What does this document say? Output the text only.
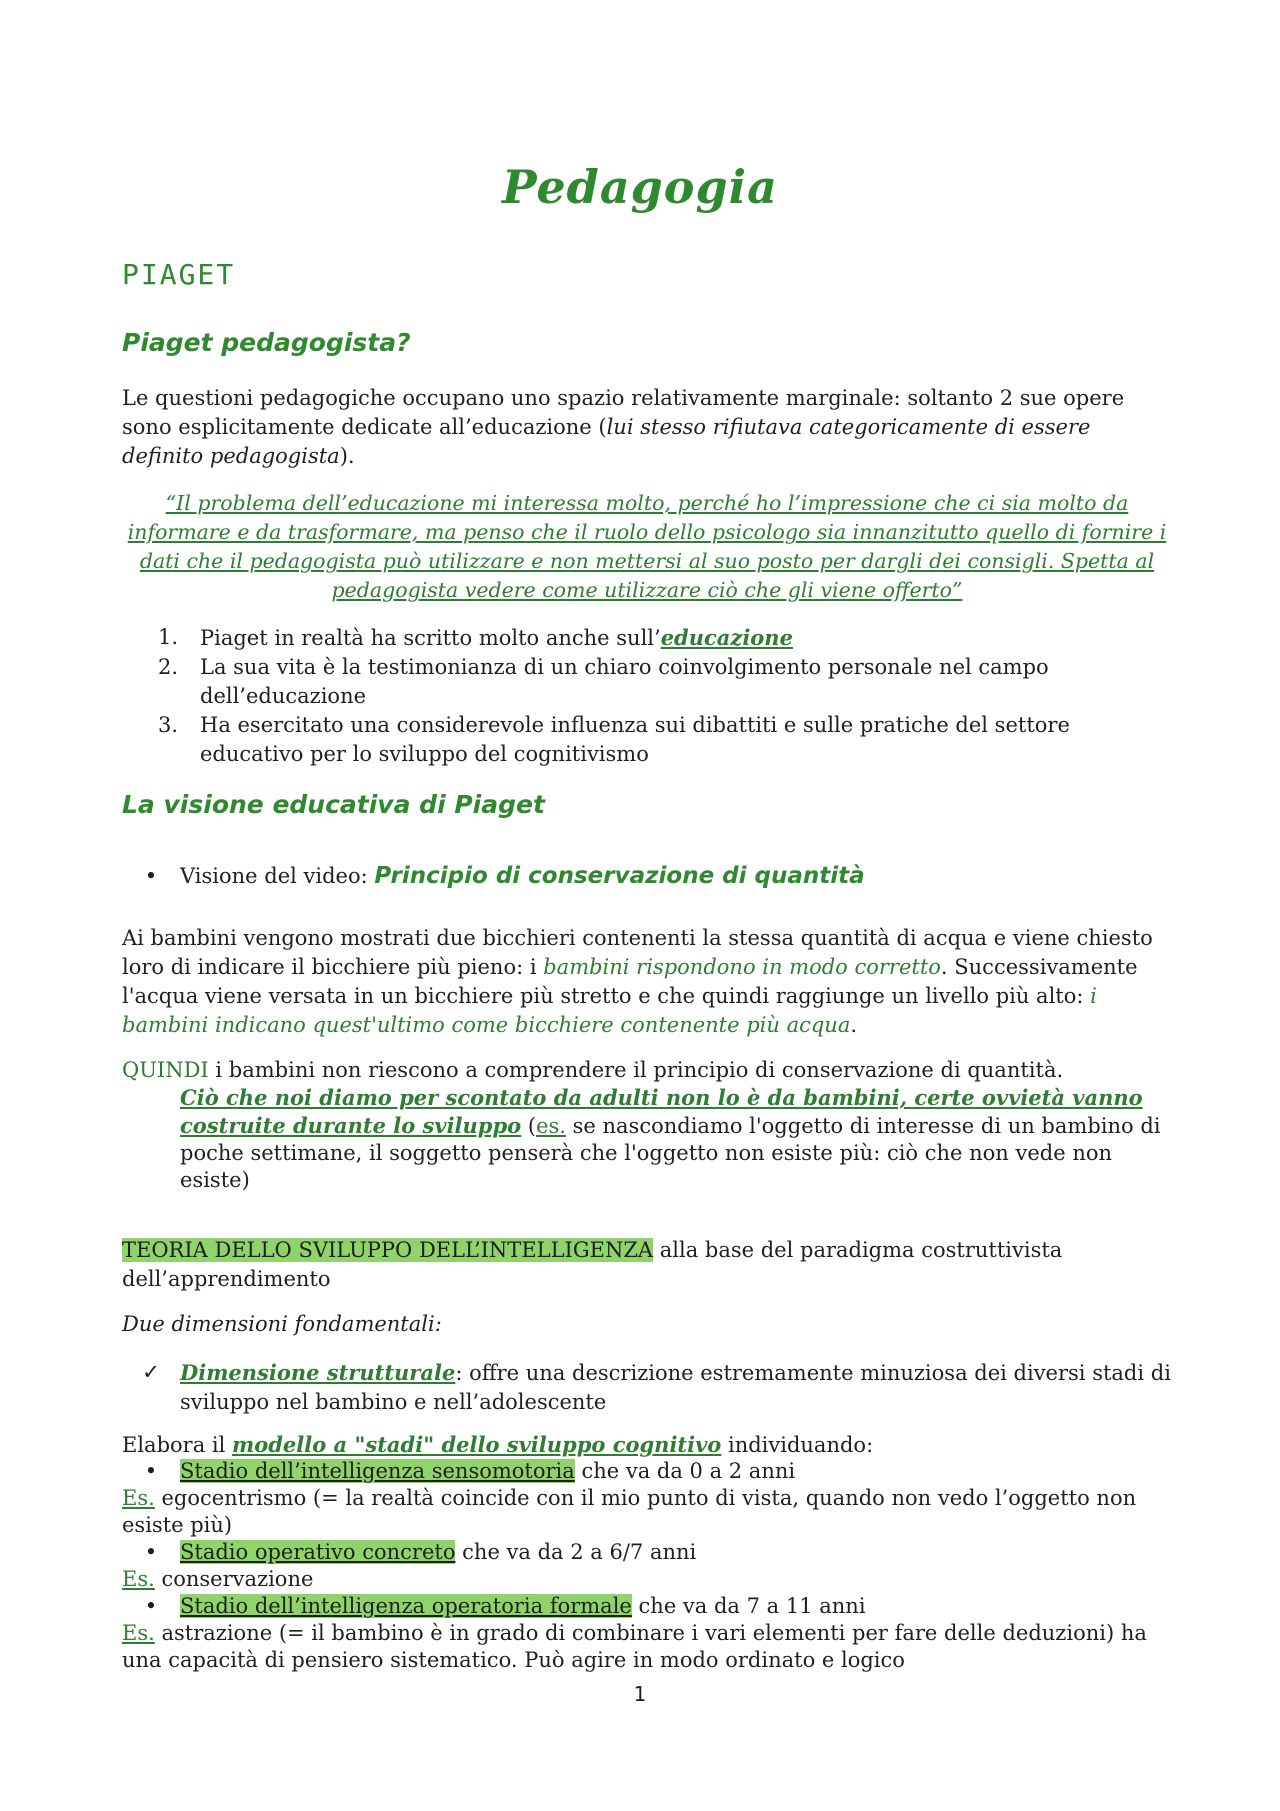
Pedagogia
PIAGET
Piaget pedagogista?
Le questioni pedagogiche occupano uno spazio relativamente marginale: soltanto 2 sue opere sono esplicitamente dedicate all’educazione (lui stesso rifiutava categoricamente di essere definito pedagogista).
“Il problema dell’educazione mi interessa molto, perché ho l’impressione che ci sia molto da informare e da trasformare, ma penso che il ruolo dello psicologo sia innanzitutto quello di fornire i dati che il pedagogista può utilizzare e non mettersi al suo posto per dargli dei consigli. Spetta al pedagogista vedere come utilizzare ciò che gli viene offerto”
1.	Piaget in realtà ha scritto molto anche sull’educazione
2.	La sua vita è la testimonianza di un chiaro coinvolgimento personale nel campo dell’educazione
3.	Ha esercitato una considerevole influenza sui dibattiti e sulle pratiche del settore educativo per lo sviluppo del cognitivismo
La visione educativa di Piaget
•	Visione del video: Principio di conservazione di quantità
Ai bambini vengono mostrati due bicchieri contenenti la stessa quantità di acqua e viene chiesto loro di indicare il bicchiere più pieno: i bambini rispondono in modo corretto. Successivamente l'acqua viene versata in un bicchiere più stretto e che quindi raggiunge un livello più alto: i bambini indicano quest'ultimo come bicchiere contenente più acqua.
QUINDI i bambini non riescono a comprendere il principio di conservazione di quantità.
Ciò che noi diamo per scontato da adulti non lo è da bambini, certe ovvietà vanno costruite durante lo sviluppo (es. se nascondiamo l'oggetto di interesse di un bambino di poche settimane, il soggetto penserà che l'oggetto non esiste più: ciò che non vede non esiste)
TEORIA DELLO SVILUPPO DELL’INTELLIGENZA alla base del paradigma costruttivista dell’apprendimento
Due dimensioni fondamentali:
✓ Dimensione strutturale: offre una descrizione estremamente minuziosa dei diversi stadi di sviluppo nel bambino e nell’adolescente
Elabora il modello a "stadi" dello sviluppo cognitivo individuando:
• Stadio dell’intelligenza sensomotoria che va da 0 a 2 anni
Es. egocentrismo (= la realtà coincide con il mio punto di vista, quando non vedo l’oggetto non esiste più)
• Stadio operativo concreto che va da 2 a 6/7 anni
Es. conservazione
• Stadio dell’intelligenza operatoria formale che va da 7 a 11 anni
Es. astrazione (= il bambino è in grado di combinare i vari elementi per fare delle deduzioni) ha una capacità di pensiero sistematico. Può agire in modo ordinato e logico
1
